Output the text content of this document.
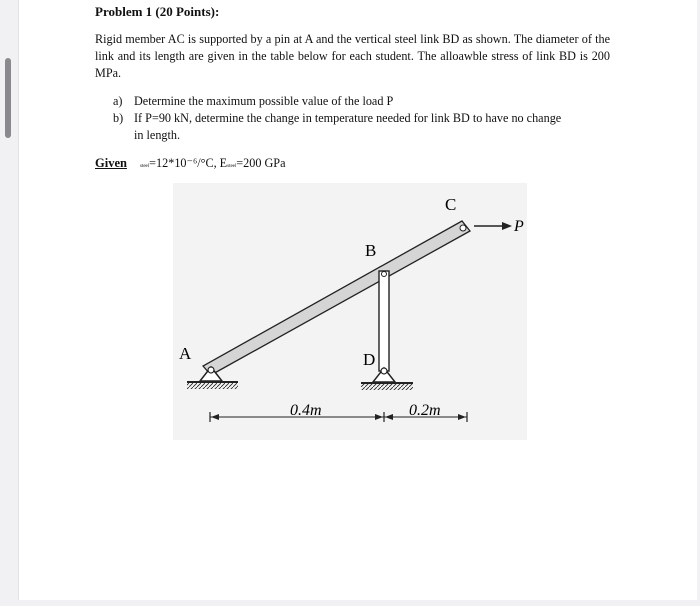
Problem 1 (20 Points):
Rigid member AC is supported by a pin at A and the vertical steel link BD as shown. The diameter of the link and its length are given in the table below for each student. The alloawble stress of link BD is 200 MPa.
a) Determine the maximum possible value of the load P
b) If P=90 kN, determine the change in temperature needed for link BD to have no change
in length.
Given	steel=12*10⁻⁶/°C, Esteel=200 GPa
A
B
C
D
P
0.4m	0.2m
